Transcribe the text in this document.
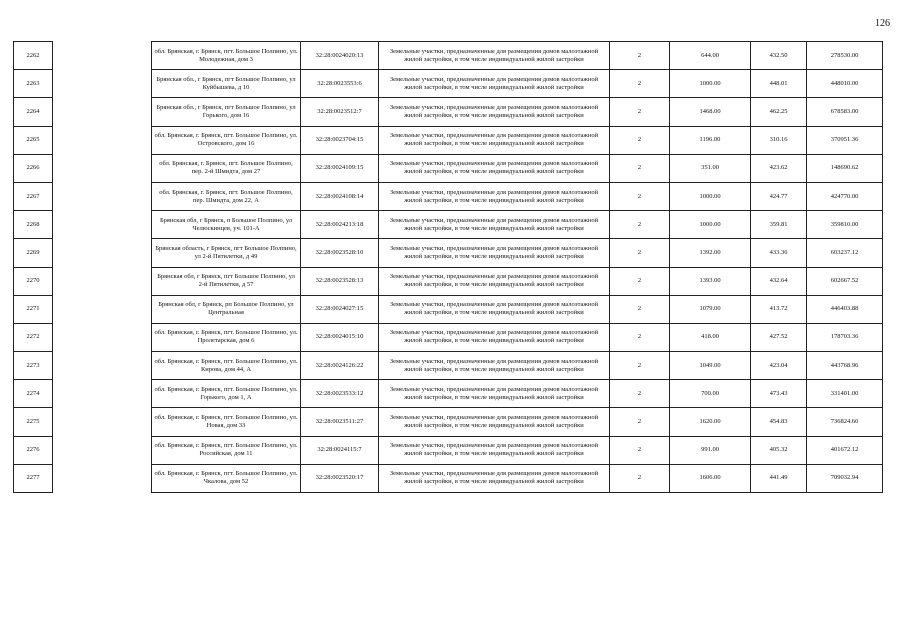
126
2262		обл. Брянская, г. Брянск, пгт. Большое Полпино, ул. Молодежная, дом 3	32:28:0024020:13	Земельные участки, предназначенные для размещения домов малоэтажной жилой застройки, в том числе индивидуальной жилой застройки	2	644.00	432.50	278530.00
2263		Брянская обл., г Брянск, пгт Большое Полпино, ул Куйбышева, д 10	32:28:0023553:6	Земельные участки, предназначенные для размещения домов малоэтажной жилой застройки, в том числе индивидуальной жилой застройки	2	1000.00	448.01	448010.00
2264		Брянская обл., г Брянск, пгт Большое Полпино, ул Горького, дом 16	32:28:0023512:7	Земельные участки, предназначенные для размещения домов малоэтажной жилой застройки, в том числе индивидуальной жилой застройки	2	1468.00	462.25	678583.00
2265		обл. Брянская, г. Брянск, пгт. Большое Полпино, ул. Островского, дом 16	32:28:0023704:15	Земельные участки, предназначенные для размещения домов малоэтажной жилой застройки, в том числе индивидуальной жилой застройки	2	1196.00	310.16	370951.36
2266		обл. Брянская, г. Брянск, пгт. Большое Полпино, пер. 2-й Шмидта, дом 27	32:28:0024109:15	Земельные участки, предназначенные для размещения домов малоэтажной жилой застройки, в том числе индивидуальной жилой застройки	2	351.00	423.62	148690.62
2267		обл. Брянская, г. Брянск, пгт. Большое Полпино, пер. Шмидта, дом 22, А	32:28:0024108:14	Земельные участки, предназначенные для размещения домов малоэтажной жилой застройки, в том числе индивидуальной жилой застройки	2	1000.00	424.77	424770.00
2268		Брянская обл, г Брянск, п Большое Полпино, ул Челюскинцев, уч. 101-А	32:28:0024213:18	Земельные участки, предназначенные для размещения домов малоэтажной жилой застройки, в том числе индивидуальной жилой застройки	2	1000.00	359.81	359810.00
2269		Брянская область, г Брянск, пгт Большое Полпино, ул 2-й Пятилетки, д 49	32:28:0023528:10	Земельные участки, предназначенные для размещения домов малоэтажной жилой застройки, в том числе индивидуальной жилой застройки	2	1392.00	433.36	603237.12
2270		Брянская обл, г Брянск, пгт Большое Полпино, ул 2-й Пятилетки, д 57	32:28:0023528:13	Земельные участки, предназначенные для размещения домов малоэтажной жилой застройки, в том числе индивидуальной жилой застройки	2	1393.00	432.64	602667.52
2271		Брянская обл, г Брянск, рп Большое Полпино, ул Центральная	32:28:0024027:15	Земельные участки, предназначенные для размещения домов малоэтажной жилой застройки, в том числе индивидуальной жилой застройки	2	1079.00	413.72	446403.88
2272		обл. Брянская, г. Брянск, пгт. Большое Полпино, ул. Пролетарская, дом 6	32:28:0024015:10	Земельные участки, предназначенные для размещения домов малоэтажной жилой застройки, в том числе индивидуальной жилой застройки	2	418.00	427.52	178703.36
2273		обл. Брянская, г. Брянск, пгт. Большое Полпино, ул. Кирова, дом 44, А	32:28:0024126:22	Земельные участки, предназначенные для размещения домов малоэтажной жилой застройки, в том числе индивидуальной жилой застройки	2	1049.00	423.04	443768.96
2274		обл. Брянская, г. Брянск, пгт. Большое Полпино, ул. Горького, дом 1, А	32:28:0023533:12	Земельные участки, предназначенные для размещения домов малоэтажной жилой застройки, в том числе индивидуальной жилой застройки	2	700.00	473.43	331401.00
2275		обл. Брянская, г. Брянск, пгт. Большое Полпино, ул. Новая, дом 33	32:28:0023511:27	Земельные участки, предназначенные для размещения домов малоэтажной жилой застройки, в том числе индивидуальной жилой застройки	2	1620.00	454.83	736824.60
2276		обл. Брянская, г. Брянск, пгт. Большое Полпино, ул. Российская, дом 11	32:28:0024115:7	Земельные участки, предназначенные для размещения домов малоэтажной жилой застройки, в том числе индивидуальной жилой застройки	2	991.00	405.32	401672.12
2277		обл. Брянская, г. Брянск, пгт. Большое Полпино, ул. Чкалова, дом 52	32:28:0023520:17	Земельные участки, предназначенные для размещения домов малоэтажной жилой застройки, в том числе индивидуальной жилой застройки	2	1606.00	441.49	709032.94
